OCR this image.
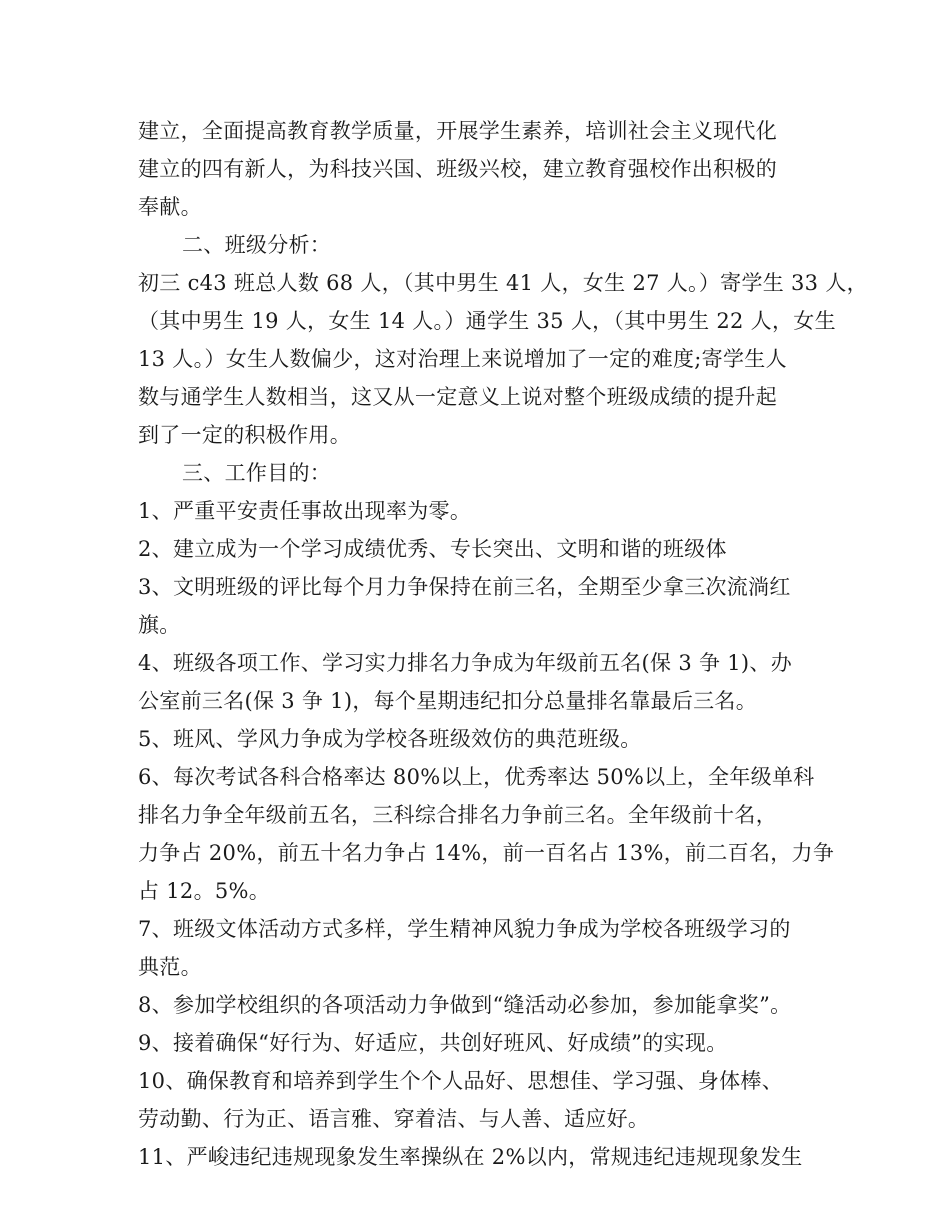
建立，全面提高教育教学质量，开展学生素养，培训社会主义现代化
建立的四有新人，为科技兴国、班级兴校，建立教育强校作出积极的
奉献。
二、班级分析：
初三 c43 班总人数 68 人，（其中男生 41 人，女生 27 人。）寄学生 33 人，
（其中男生 19 人，女生 14 人。）通学生 35 人，（其中男生 22 人，女生
13 人。）女生人数偏少，这对治理上来说增加了一定的难度;寄学生人
数与通学生人数相当，这又从一定意义上说对整个班级成绩的提升起
到了一定的积极作用。
三、工作目的：
1、严重平安责任事故出现率为零。
2、建立成为一个学习成绩优秀、专长突出、文明和谐的班级体
3、文明班级的评比每个月力争保持在前三名，全期至少拿三次流淌红
旗。
4、班级各项工作、学习实力排名力争成为年级前五名(保 3 争 1)、办
公室前三名(保 3 争 1)，每个星期违纪扣分总量排名靠最后三名。
5、班风、学风力争成为学校各班级效仿的典范班级。
6、每次考试各科合格率达 80%以上，优秀率达 50%以上，全年级单科
排名力争全年级前五名，三科综合排名力争前三名。全年级前十名，
力争占 20%，前五十名力争占 14%，前一百名占 13%，前二百名，力争
占 12。5%。
7、班级文体活动方式多样，学生精神风貌力争成为学校各班级学习的
典范。
8、参加学校组织的各项活动力争做到“缝活动必参加，参加能拿奖”。
9、接着确保“好行为、好适应，共创好班风、好成绩”的实现。
10、确保教育和培养到学生个个人品好、思想佳、学习强、身体棒、
劳动勤、行为正、语言雅、穿着洁、与人善、适应好。
11、严峻违纪违规现象发生率操纵在 2%以内，常规违纪违规现象发生
